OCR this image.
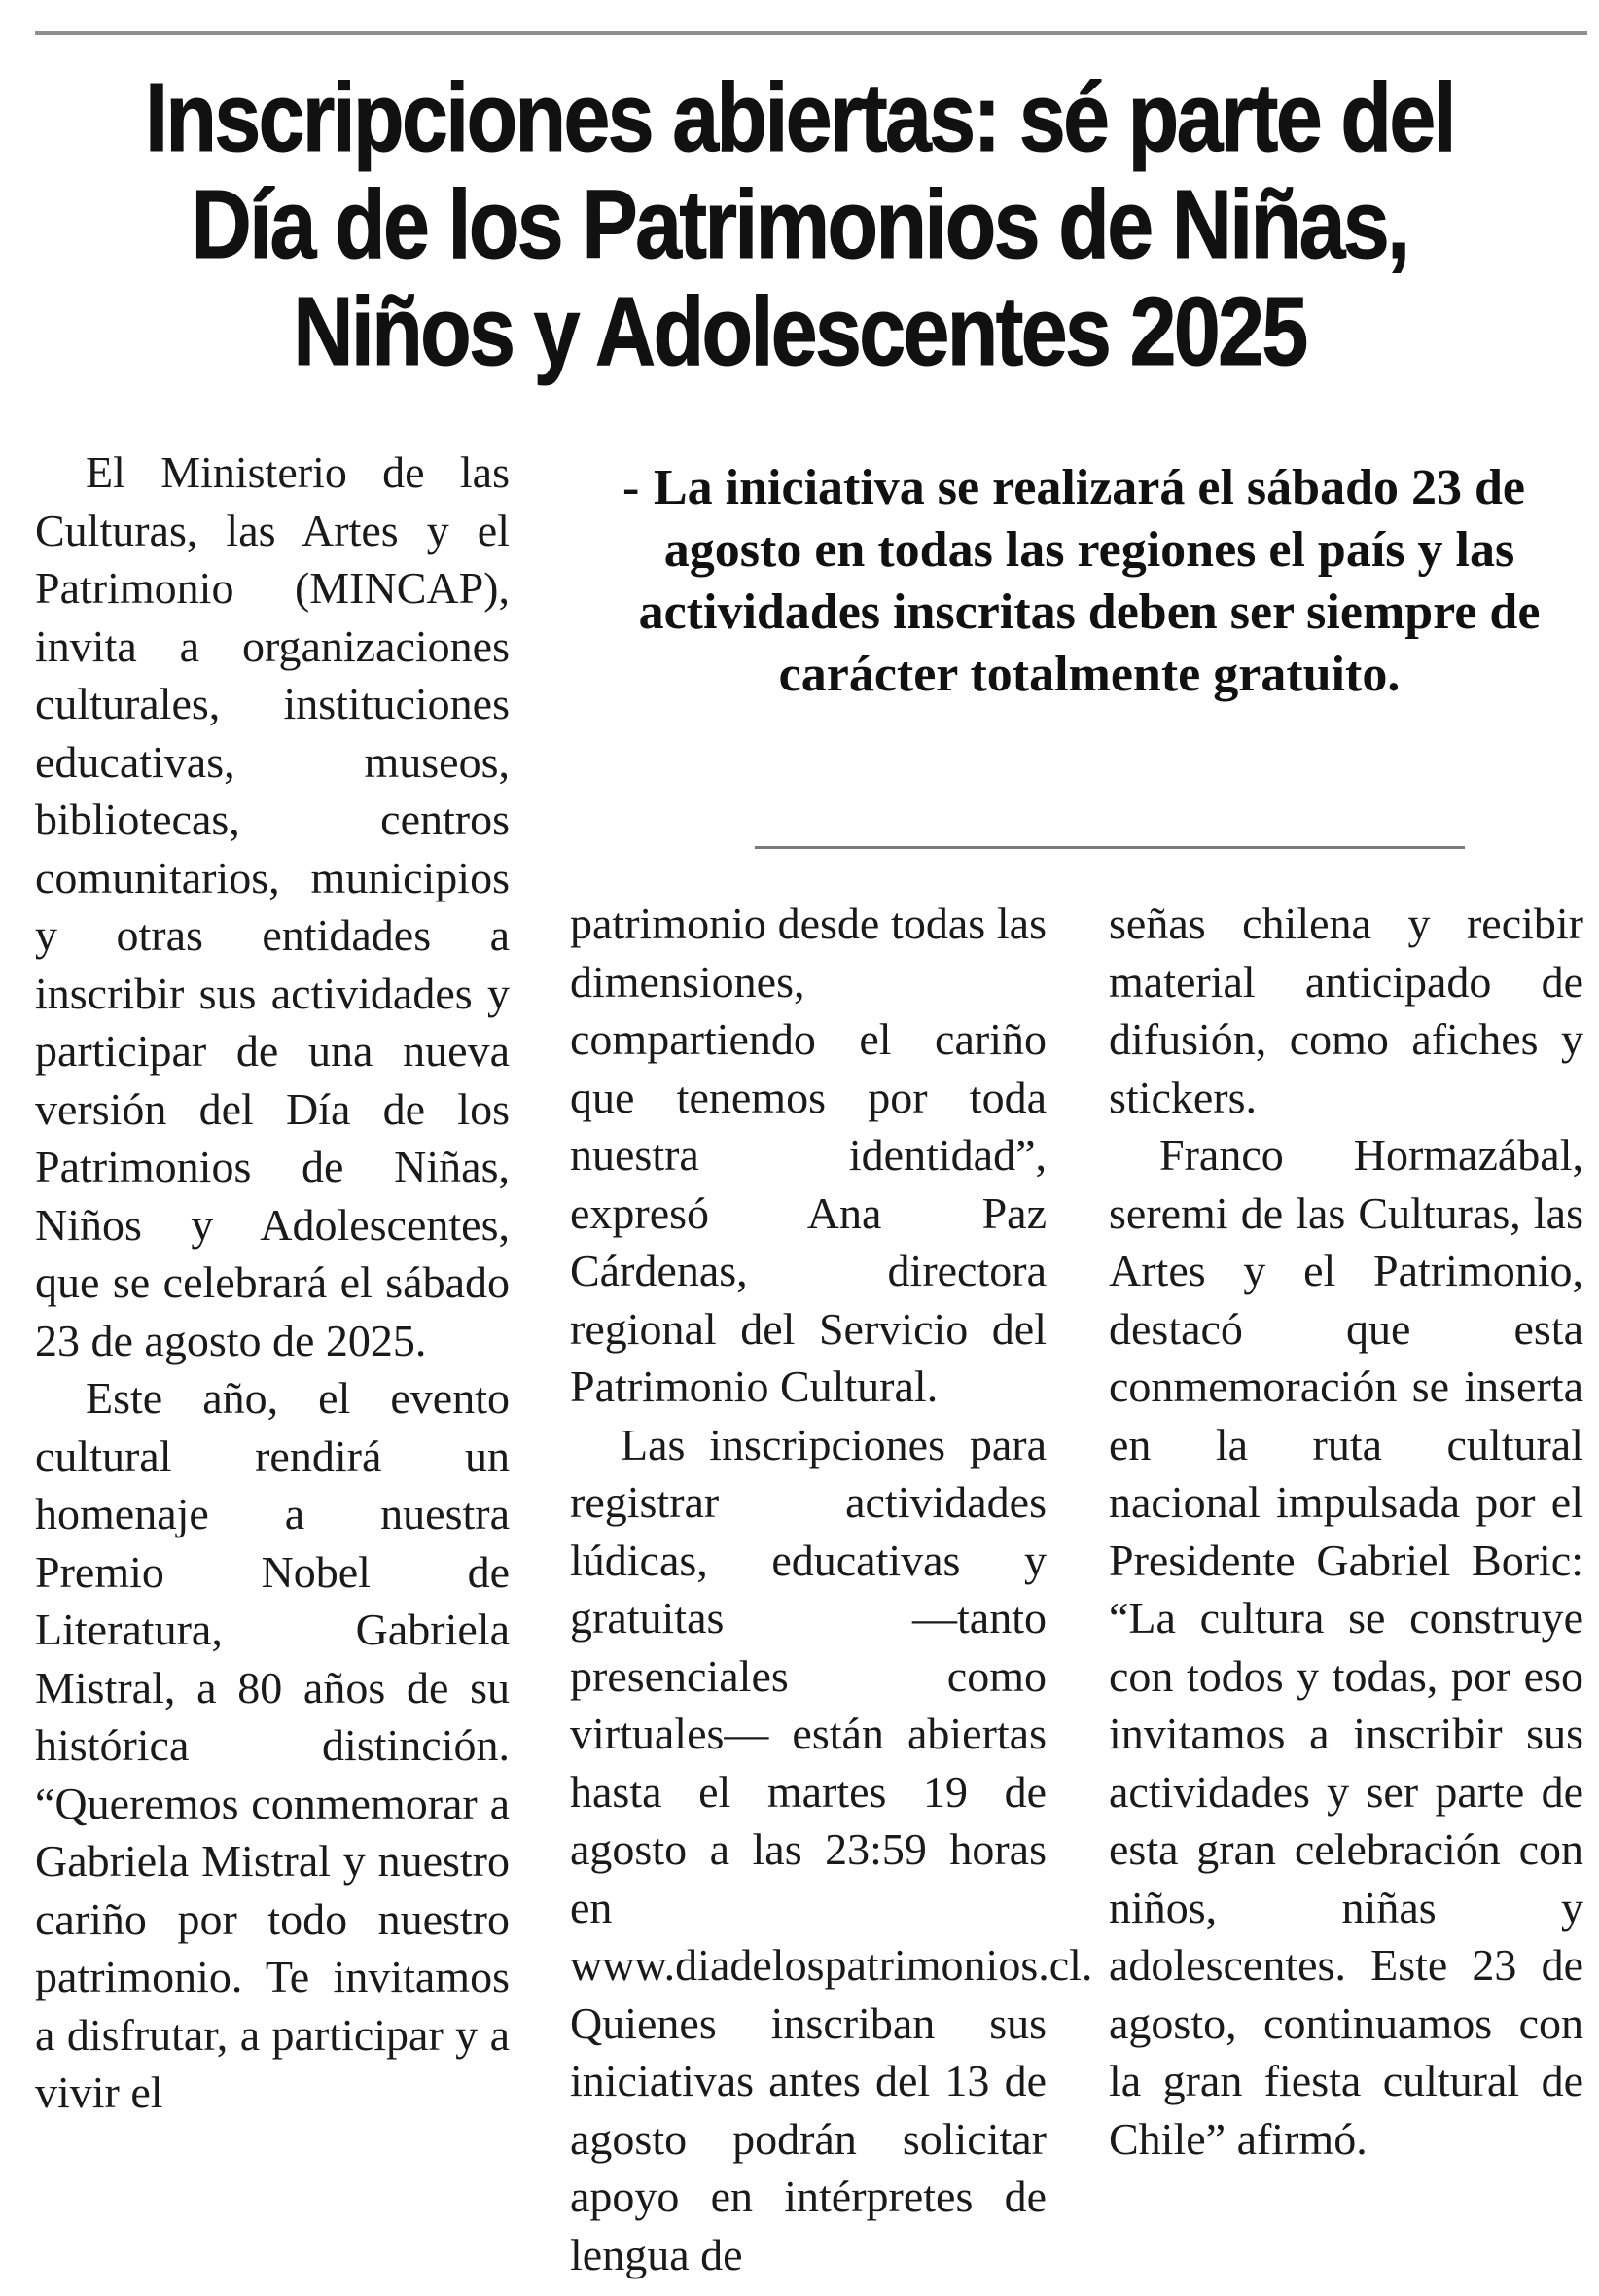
Inscripciones abiertas: sé parte del
Día de los Patrimonios de Niñas,
Niños y Adolescentes 2025

El Ministerio de las Culturas, las Artes y el Patrimonio (MINCAP), invita a organizaciones culturales, instituciones educativas, museos, bibliotecas, centros comunitarios, municipios y otras entidades a inscribir sus actividades y participar de una nueva versión del Día de los Patrimonios de Niñas, Niños y Adolescentes, que se celebrará el sábado 23 de agosto de 2025.

Este año, el evento cultural rendirá un homenaje a nuestra Premio Nobel de Literatura, Gabriela Mistral, a 80 años de su histórica distinción. “Queremos conmemorar a Gabriela Mistral y nuestro cariño por todo nuestro patrimonio. Te invitamos a disfrutar, a participar y a vivir el

- La iniciativa se realizará el sábado 23 de agosto en todas las regiones el país y las actividades inscritas deben ser siempre de carácter totalmente gratuito.

patrimonio desde todas las dimensiones, compartiendo el cariño que tenemos por toda nuestra identidad”, expresó Ana Paz Cárdenas, directora regional del Servicio del Patrimonio Cultural.

Las inscripciones para registrar actividades lúdicas, educativas y gratuitas —tanto presenciales como virtuales— están abiertas hasta el martes 19 de agosto a las 23:59 horas en www.diadelospatrimonios.cl. Quienes inscriban sus iniciativas antes del 13 de agosto podrán solicitar apoyo en intérpretes de lengua de

señas chilena y recibir material anticipado de difusión, como afiches y stickers.

Franco Hormazábal, seremi de las Culturas, las Artes y el Patrimonio, destacó que esta conmemoración se inserta en la ruta cultural nacional impulsada por el Presidente Gabriel Boric: “La cultura se construye con todos y todas, por eso invitamos a inscribir sus actividades y ser parte de esta gran celebración con niños, niñas y adolescentes. Este 23 de agosto, continuamos con la gran fiesta cultural de Chile” afirmó.
